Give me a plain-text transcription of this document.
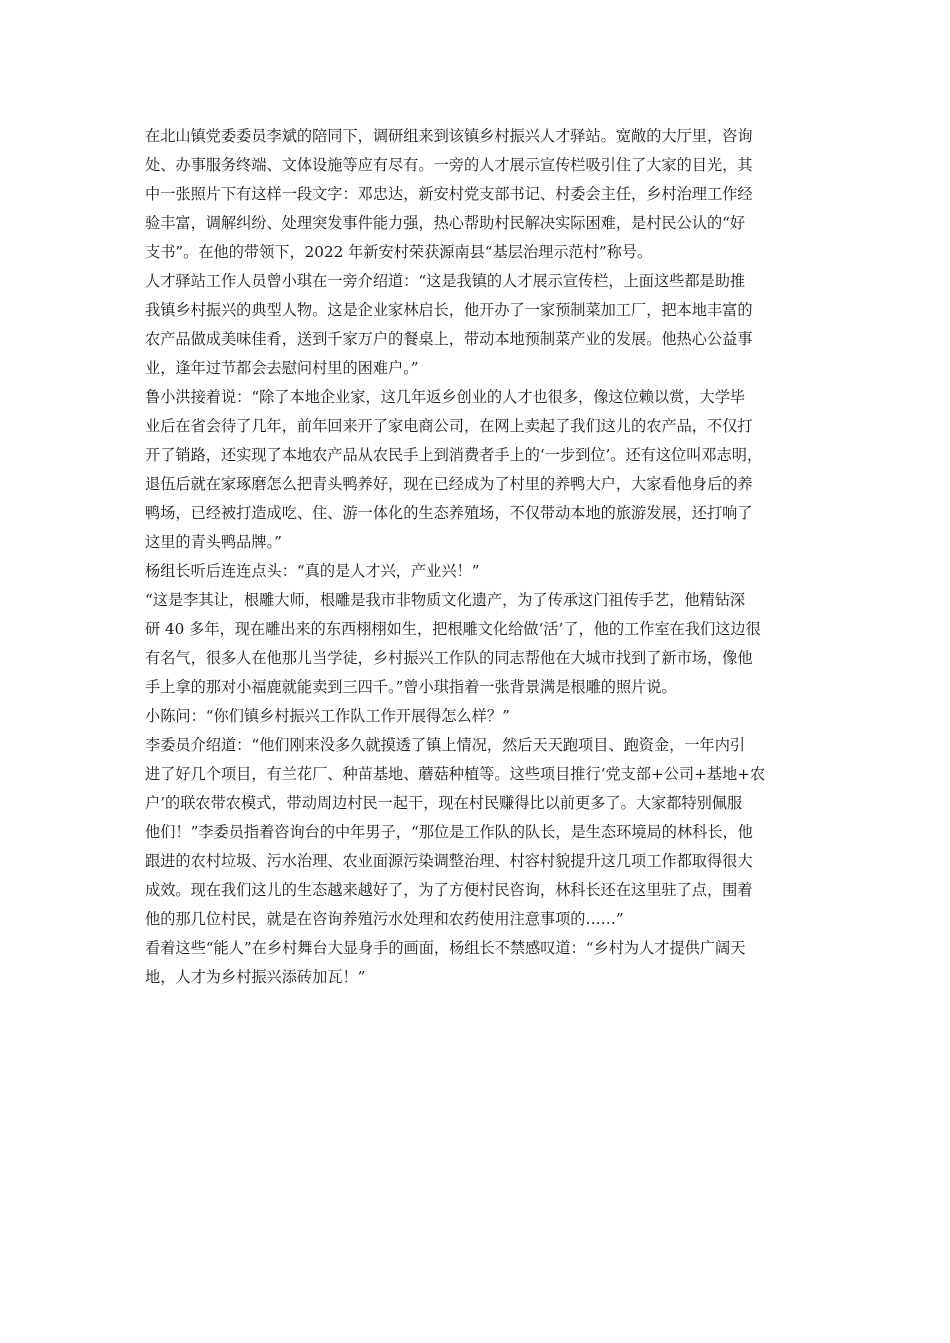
在北山镇党委委员李斌的陪同下，调研组来到该镇乡村振兴人才驿站。宽敞的大厅里，咨询
处、办事服务终端、文体设施等应有尽有。一旁的人才展示宣传栏吸引住了大家的目光，其
中一张照片下有这样一段文字：邓忠达，新安村党支部书记、村委会主任，乡村治理工作经
验丰富，调解纠纷、处理突发事件能力强，热心帮助村民解决实际困难，是村民公认的“好
支书”。在他的带领下，2022 年新安村荣获源南县“基层治理示范村”称号。

人才驿站工作人员曾小琪在一旁介绍道：“这是我镇的人才展示宣传栏，上面这些都是助推
我镇乡村振兴的典型人物。这是企业家林启长，他开办了一家预制菜加工厂，把本地丰富的
农产品做成美味佳肴，送到千家万户的餐桌上，带动本地预制菜产业的发展。他热心公益事
业，逢年过节都会去慰问村里的困难户。”

鲁小洪接着说：“除了本地企业家，这几年返乡创业的人才也很多，像这位赖以赏，大学毕
业后在省会待了几年，前年回来开了家电商公司，在网上卖起了我们这儿的农产品，不仅打
开了销路，还实现了本地农产品从农民手上到消费者手上的‘一步到位’。还有这位叫邓志明，
退伍后就在家琢磨怎么把青头鸭养好，现在已经成为了村里的养鸭大户，大家看他身后的养
鸭场，已经被打造成吃、住、游一体化的生态养殖场，不仅带动本地的旅游发展，还打响了
这里的青头鸭品牌。”

杨组长听后连连点头：“真的是人才兴，产业兴！”

“这是李其让，根雕大师，根雕是我市非物质文化遗产，为了传承这门祖传手艺，他精钻深
研 40 多年，现在雕出来的东西栩栩如生，把根雕文化给做‘活’了，他的工作室在我们这边很
有名气，很多人在他那儿当学徒，乡村振兴工作队的同志帮他在大城市找到了新市场，像他
手上拿的那对小福鹿就能卖到三四千。”曾小琪指着一张背景满是根雕的照片说。

小陈问：“你们镇乡村振兴工作队工作开展得怎么样？”

李委员介绍道：“他们刚来没多久就摸透了镇上情况，然后天天跑项目、跑资金，一年内引
进了好几个项目，有兰花厂、种苗基地、蘑菇种植等。这些项目推行‘党支部+公司+基地+农
户’的联农带农模式，带动周边村民一起干，现在村民赚得比以前更多了。大家都特别佩服
他们！”李委员指着咨询台的中年男子，“那位是工作队的队长，是生态环境局的林科长，他
跟进的农村垃圾、污水治理、农业面源污染调整治理、村容村貌提升这几项工作都取得很大
成效。现在我们这儿的生态越来越好了，为了方便村民咨询，林科长还在这里驻了点，围着
他的那几位村民，就是在咨询养殖污水处理和农药使用注意事项的……”

看着这些“能人”在乡村舞台大显身手的画面，杨组长不禁感叹道：“乡村为人才提供广阔天
地，人才为乡村振兴添砖加瓦！”
